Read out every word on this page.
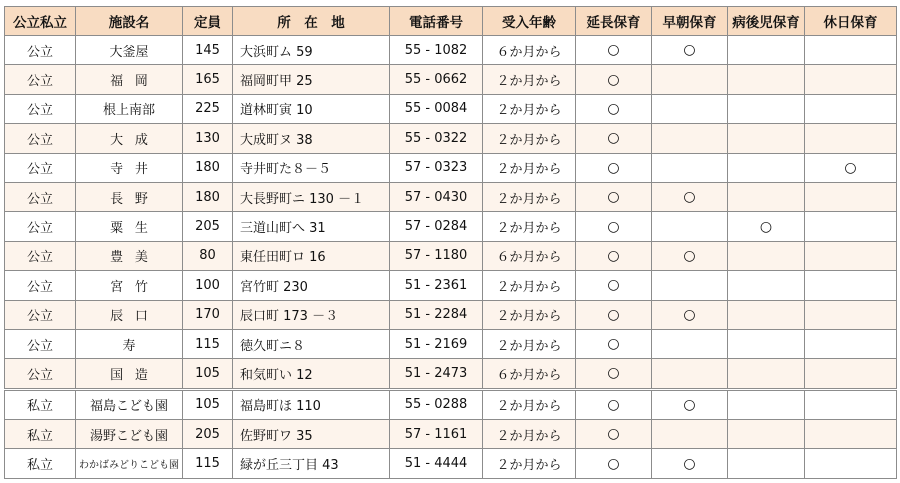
公立私立	施設名	定員	所　在　地	電話番号	受入年齢	延長保育	早朝保育	病後児保育	休日保育
公立	大釜屋	145	大浜町ム 59	55 - 1082	６か月から	○	○		
公立	福岡	165	福岡町甲 25	55 - 0662	２か月から	○			
公立	根上南部	225	道林町寅 10	55 - 0084	２か月から	○			
公立	大成	130	大成町ヌ 38	55 - 0322	２か月から	○			
公立	寺井	180	寺井町た８－５	57 - 0323	２か月から	○			○
公立	長野	180	大長野町ニ 130 －１	57 - 0430	２か月から	○	○		
公立	粟生	205	三道山町へ 31	57 - 0284	２か月から	○		○	
公立	豊美	80	東任田町ロ 16	57 - 1180	６か月から	○	○		
公立	宮竹	100	宮竹町 230	51 - 2361	２か月から	○			
公立	辰口	170	辰口町 173 －３	51 - 2284	２か月から	○	○		
公立	寿	115	徳久町ニ８	51 - 2169	２か月から	○			
公立	国造	105	和気町い 12	51 - 2473	６か月から	○			
私立	福島こども園	105	福島町ほ 110	55 - 0288	２か月から	○	○		
私立	湯野こども園	205	佐野町ワ 35	57 - 1161	２か月から	○			
私立	わかばみどりこども園	115	緑が丘三丁目 43	51 - 4444	２か月から	○	○		
